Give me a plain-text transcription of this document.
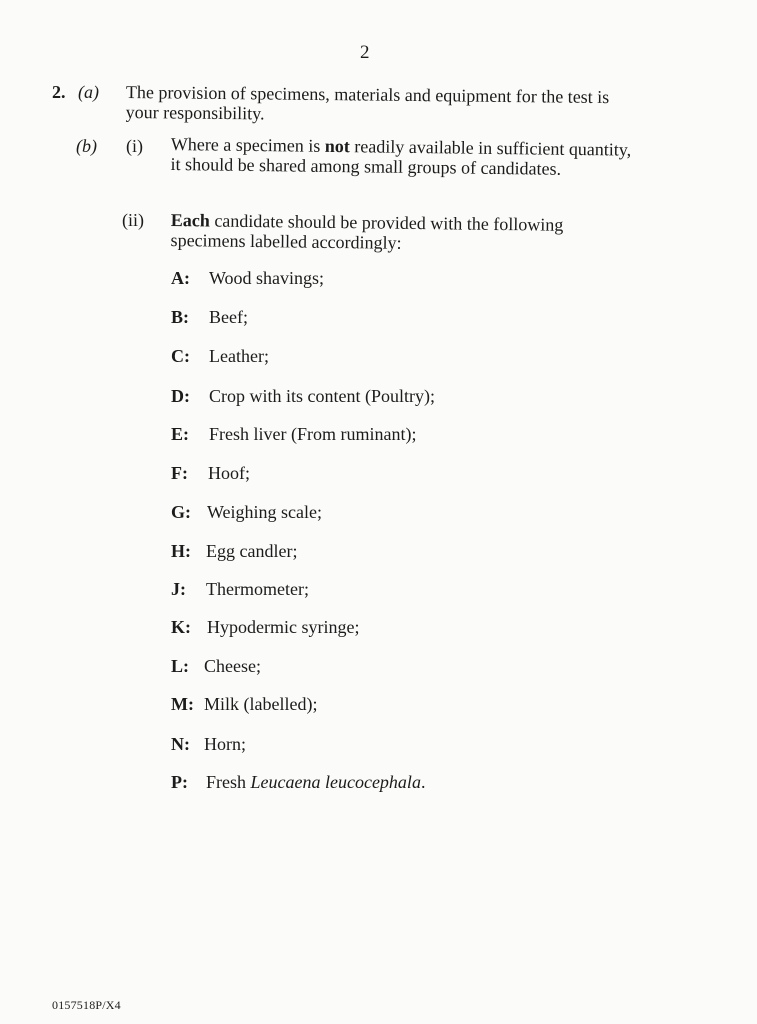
2
2. (a) The provision of specimens, materials and equipment for the test is your responsibility.
(b) (i) Where a specimen is not readily available in sufficient quantity, it should be shared among small groups of candidates.
(ii) Each candidate should be provided with the following specimens labelled accordingly:
A: Wood shavings;
B: Beef;
C: Leather;
D: Crop with its content (Poultry);
E: Fresh liver (From ruminant);
F: Hoof;
G: Weighing scale;
H: Egg candler;
J: Thermometer;
K: Hypodermic syringe;
L: Cheese;
M: Milk (labelled);
N: Horn;
P: Fresh Leucaena leucocephala.
0157518P/X4
